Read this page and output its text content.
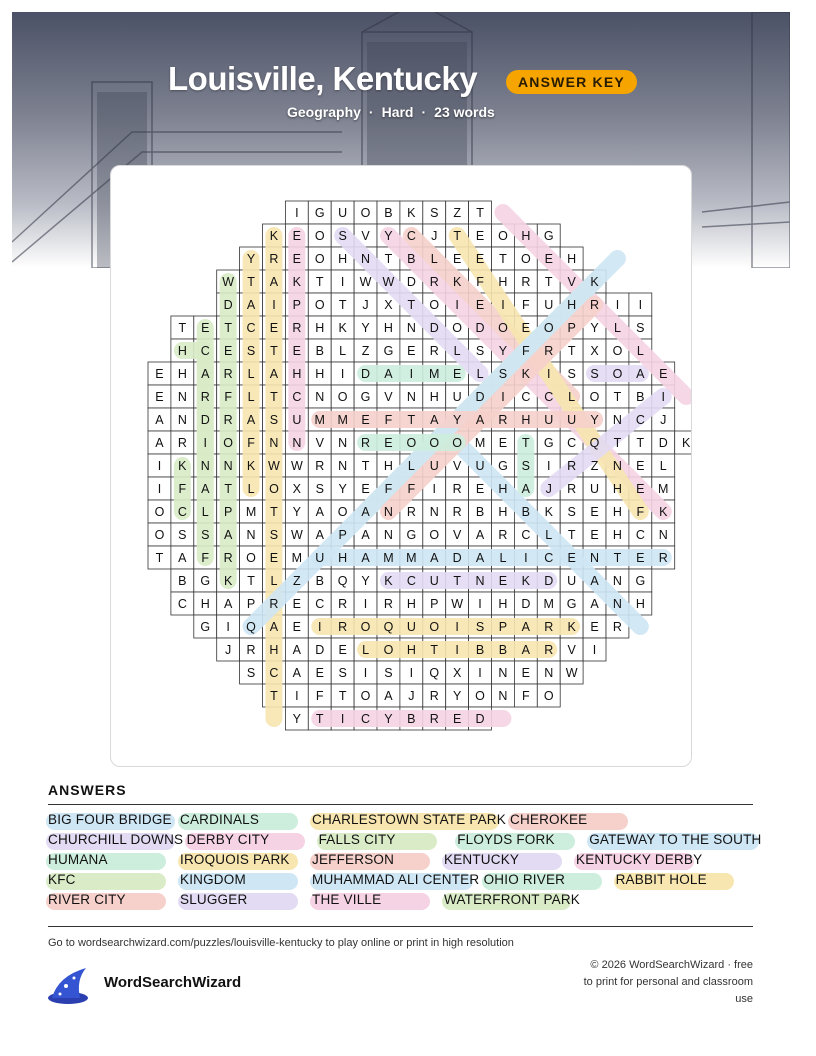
Louisville, Kentucky	ANSWER KEY
Geography · Hard · 23 words
I G U O B K S Z T
K E O S V Y C J T E O H G
Y R E O H N T B L E E T O E H
W T A K T I W W D R K F H R T V K
D A I P O T J X T O I E I F U H R I I
T E T C E R H K Y H N D O D O E O P Y L S
H C E S T E B L Z G E R L S Y F R T X O L
E H A R L A H H I D A I M E L S K I S S O A E
E N R F L T C N O G V N H U D I C C L O T B I
A N D R A S U M M E F T A Y A R H U U Y N C J
A R I O F N N V N R E O O O M E T G C Q T T D K
I K N N K W W R N T H L U V U G S I R Z N E L
I F A T L O X S Y E F F I R E H A J R U H E M
O C L P M T Y A O A N R N R B H B K S E H F K
O S S A N S W A P A N G O V A R C L T E H C N
T A F R O E M U H A M M A D A L I C E N T E R
B G K T L Z B Q Y K C U T N E K D U A N G
C H A P R E C R I R H P W I H D M G A N H
G I Q A E I R O Q U O I S P A R K E R
J R H A D E L O H T I B B A R V I
S C A E S I S I Q X I N E N W
T I F T O A J R Y O N F O
Y T I C Y B R E D
ANSWERS
BIG FOUR BRIDGE CARDINALS	CHARLESTOWN STATE PARK CHEROKEE
CHURCHILL DOWNS DERBY CITY	FALLS CITY	FLOYDS FORK	GATEWAY TO THE SOUTH
HUMANA	IROQUOIS PARK JEFFERSON	KENTUCKY	KENTUCKY DERBY
KFC	KINGDOM	MUHAMMAD ALI CENTER OHIO RIVER	RABBIT HOLE
RIVER CITY	SLUGGER	THE VILLE	WATERFRONT PARK
Go to wordsearchwizard.com/puzzles/louisville-kentucky to play online or print in high resolution
WordSearchWizard
© 2026 WordSearchWizard · free to print for personal and classroom use
